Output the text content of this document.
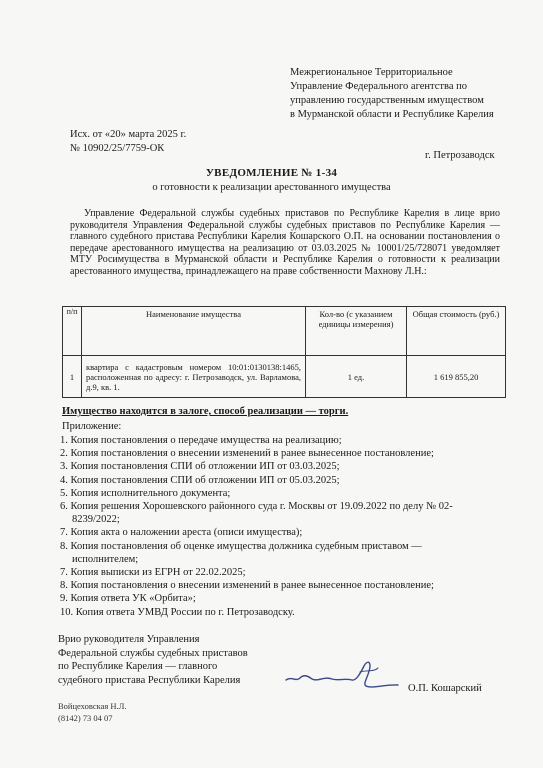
Межрегиональное Территориальное
Управление Федерального агентства по
управлению государственным имуществом
в Мурманской области и Республике Карелия
Исх. от «20» марта 2025 г.
№ 10902/25/7759-ОК
г. Петрозаводск
УВЕДОМЛЕНИЕ № 1-34
о готовности к реализации арестованного имущества
Управление Федеральной службы судебных приставов по Республике Карелия в лице врио руководителя Управления Федеральной службы судебных приставов по Республике Карелия — главного судебного пристава Республики Карелия Кошарского О.П. на основании постановления о передаче арестованного имущества на реализацию от 03.03.2025 № 10001/25/728071 уведомляет МТУ Росимущества в Мурманской области и Республике Карелия о готовности к реализации арестованного имущества, принадлежащего на праве собственности Махнову Л.Н.:
п/п	Наименование имущества	Кол-во (с указанием единицы измерения)	Общая стоимость (руб.)
1	квартира с кадастровым номером 10:01:0130138:1465, расположенная по адресу: г. Петрозаводск, ул. Варламова, д.9, кв. 1.	1 ед.	1 619 855,20
Имущество находится в залоге, способ реализации — торги.
Приложение:
1. Копия постановления о передаче имущества на реализацию;
2. Копия постановления о внесении изменений в ранее вынесенное постановление;
3. Копия постановления СПИ об отложении ИП от 03.03.2025;
4. Копия постановления СПИ об отложении ИП от 05.03.2025;
5. Копия исполнительного документа;
6. Копия решения Хорошевского районного суда г. Москвы от 19.09.2022 по делу № 02-
8239/2022;
7. Копия акта о наложении ареста (описи имущества);
8. Копия постановления об оценке имущества должника судебным приставом —
исполнителем;
7. Копия выписки из ЕГРН от 22.02.2025;
8. Копия постановления о внесении изменений в ранее вынесенное постановление;
9. Копия ответа УК «Орбита»;
10. Копия ответа УМВД России по г. Петрозаводску.
Врио руководителя Управления
Федеральной службы судебных приставов
по Республике Карелия — главного
судебного пристава Республики Карелия
О.П. Кошарский
Войцеховская Н.Л.
(8142) 73 04 07
